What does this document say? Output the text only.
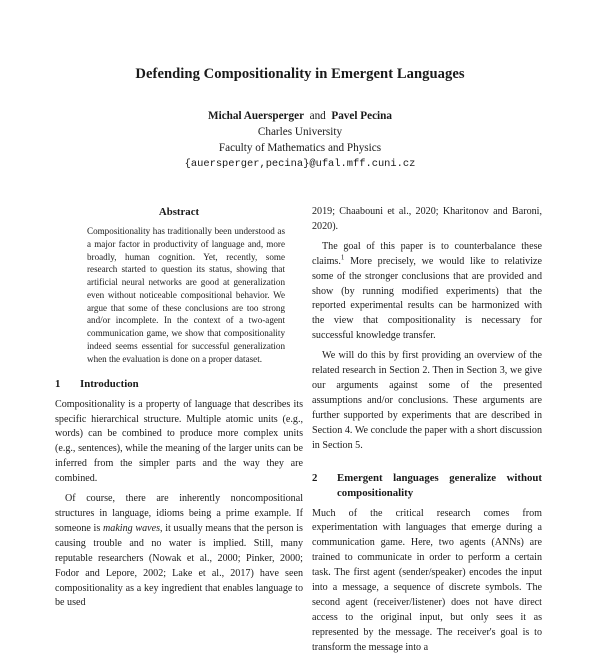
Defending Compositionality in Emergent Languages
Michal Auersperger and Pavel Pecina
Charles University
Faculty of Mathematics and Physics
{auersperger,pecina}@ufal.mff.cuni.cz
Abstract

Compositionality has traditionally been understood as a major factor in productivity of language and, more broadly, human cognition. Yet, recently, some research started to question its status, showing that artificial neural networks are good at generalization even without noticeable compositional behavior. We argue that some of these conclusions are too strong and/or incomplete. In the context of a two-agent communication game, we show that compositionality indeed seems essential for successful generalization when the evaluation is done on a proper dataset.

1	Introduction

Compositionality is a property of language that describes its specific hierarchical structure. Multiple atomic units (e.g., words) can be combined to produce more complex units (e.g., sentences), while the meaning of the larger units can be inferred from the simpler parts and the way they are combined.

Of course, there are inherently noncompositional structures in language, idioms being a prime example. If someone is making waves, it usually means that the person is causing trouble and no water is implied. Still, many reputable researchers (Nowak et al., 2000; Pinker, 2000; Fodor and Lepore, 2002; Lake et al., 2017) have seen compositionality as a key ingredient that enables language to be used

2019; Chaabouni et al., 2020; Kharitonov and Baroni, 2020).

The goal of this paper is to counterbalance these claims.$^1$ More precisely, we would like to relativize some of the stronger conclusions that are provided and show (by running modified experiments) that the reported experimental results can be harmonized with the view that compositionality is necessary for successful knowledge transfer.

We will do this by first providing an overview of the related research in Section 2. Then in Section 3, we give our arguments against some of the presented assumptions and/or conclusions. These arguments are further supported by experiments that are described in Section 4. We conclude the paper with a short discussion in Section 5.

2	Emergent languages generalize without compositionality

Much of the critical research comes from experimentation with languages that emerge during a communication game. Here, two agents (ANNs) are trained to communicate in order to perform a certain task. The first agent (sender/speaker) encodes the input into a message, a sequence of discrete symbols. The second agent (receiver/listener) does not have direct access to the original input, but only sees it as represented by the message. The receiver's goal is to transform the message into a
